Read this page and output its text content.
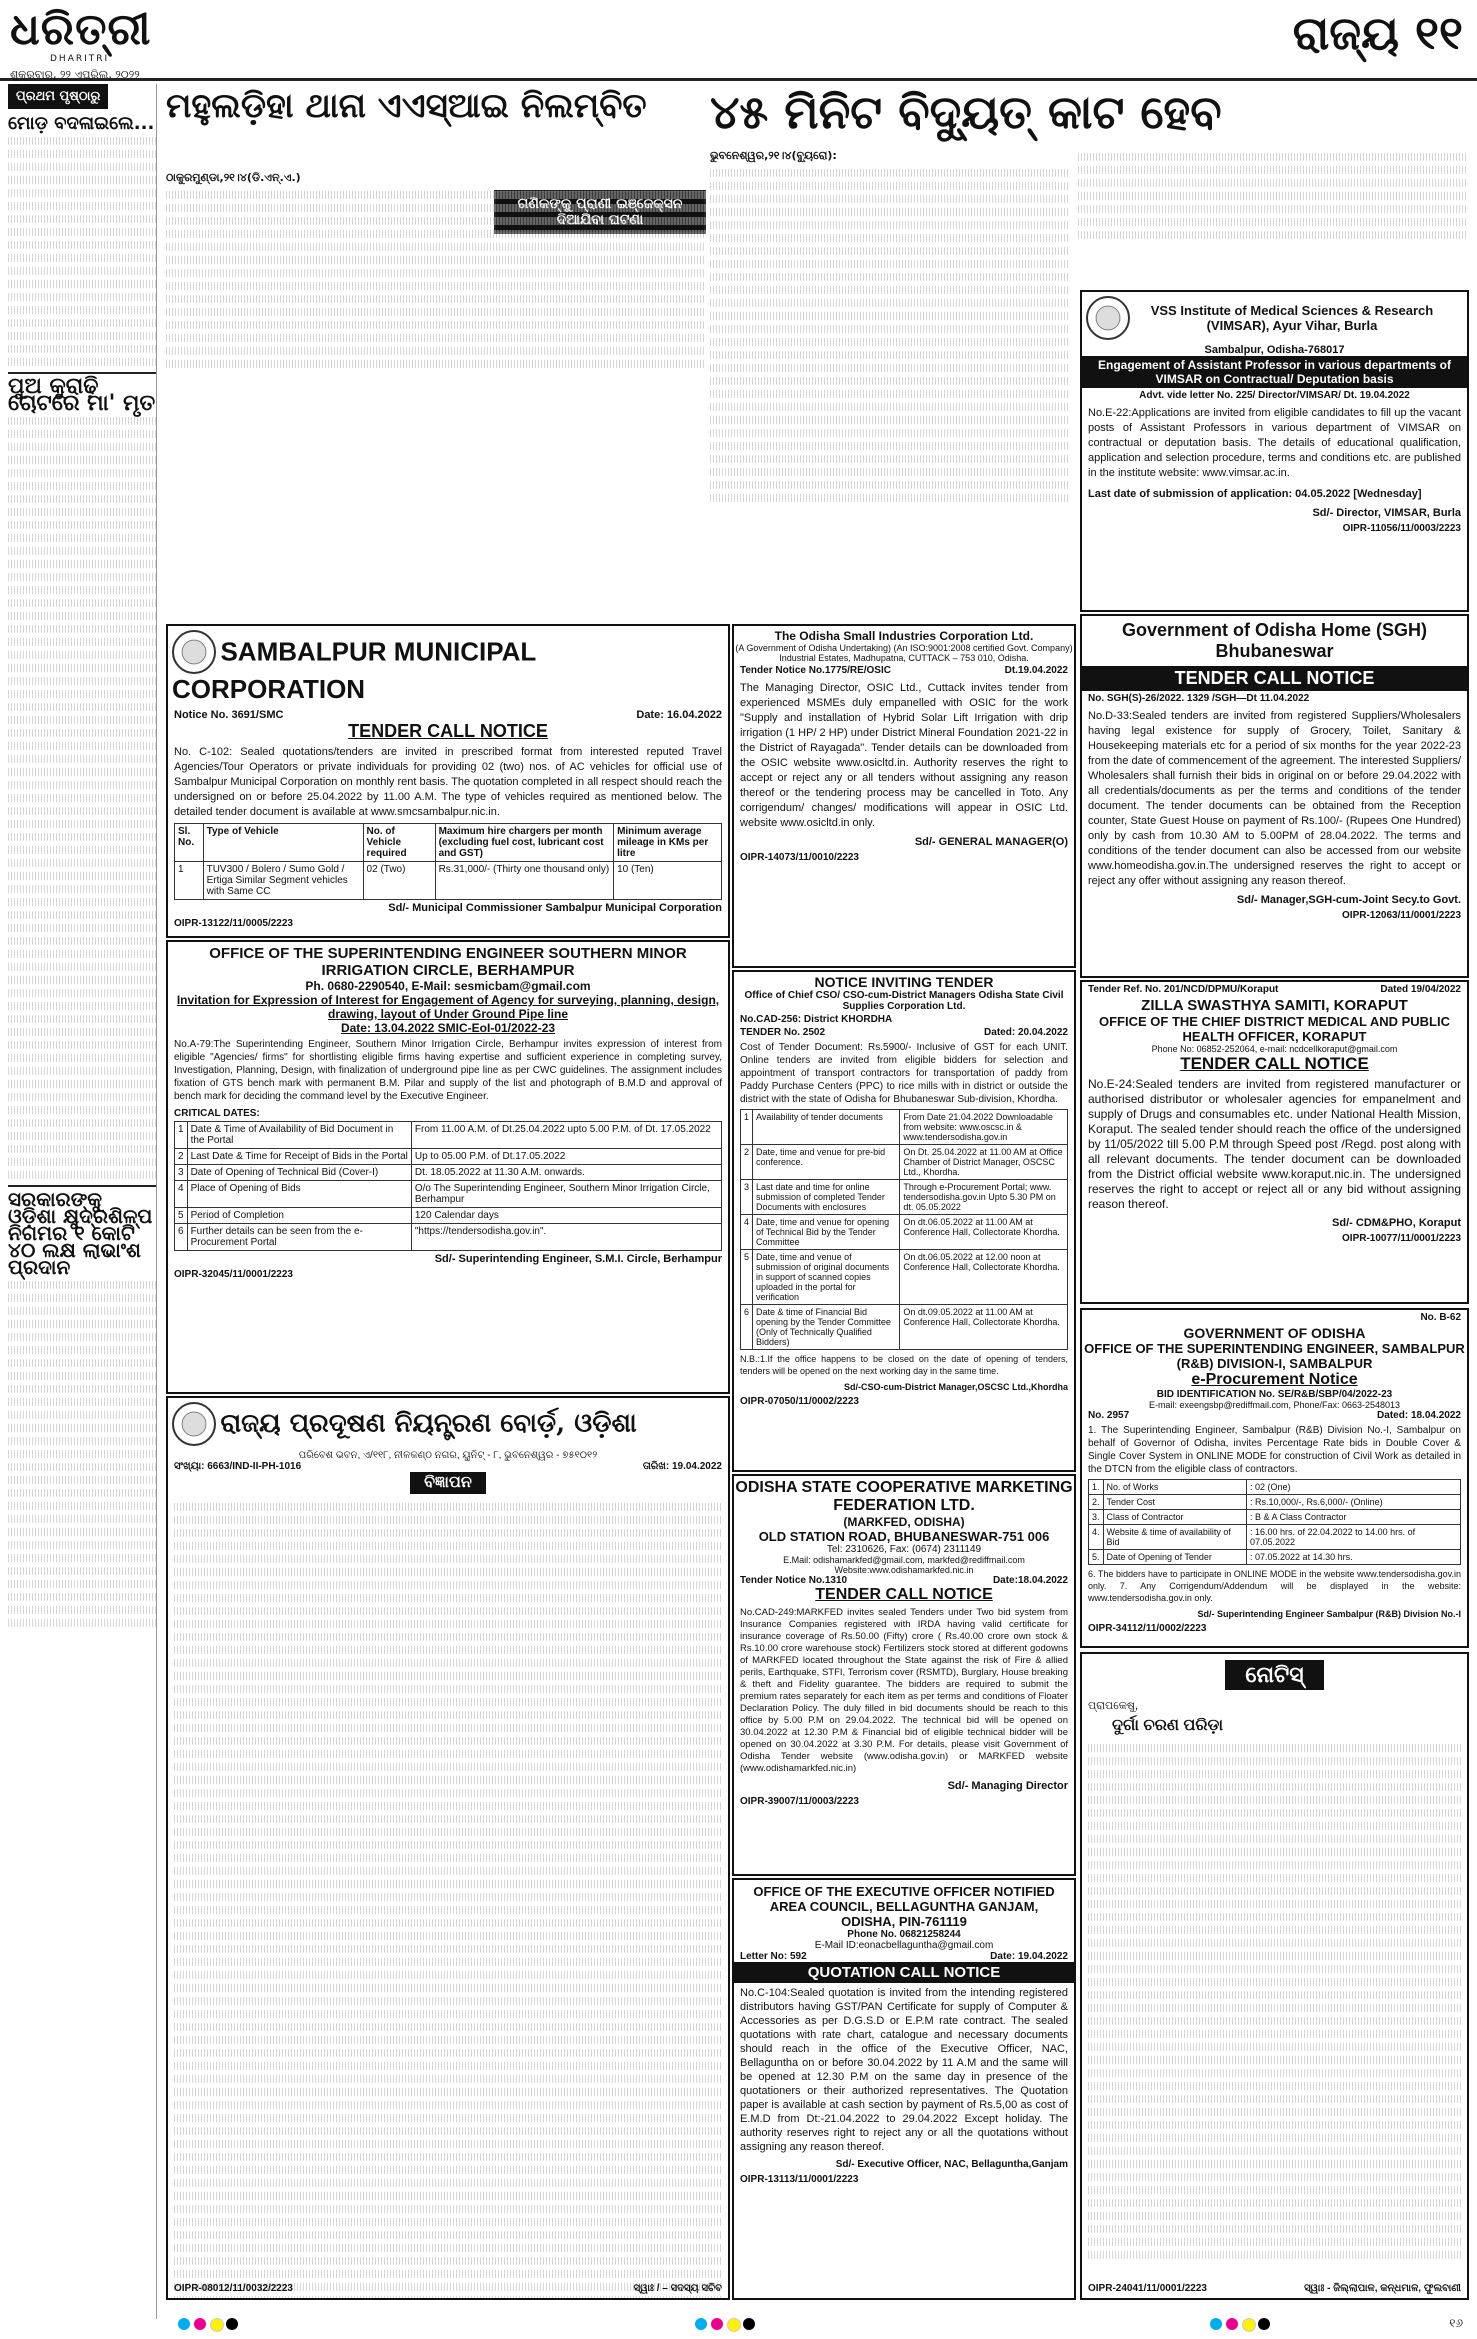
ଧରିତ୍ରୀ
DHARITRI
ଶୁକ୍ରବାର, ୨୨ ଏପ୍ରିଲ, ୨୦୨୨
ରାଜ୍ୟ ୧୧
ପ୍ରଥମ ପୃଷ୍ଠାରୁ
ମୋଡ଼ ବଦଳାଇଲେ...
ପୁଅ କୁରାଢ଼ି ଚୋଟରେ ମା' ମୃତ
ସରକାରଙ୍କୁ ଓଡ଼ିଶା କ୍ଷୁଦ୍ରଶିଳ୍ପ ନିଗମର ୧ କୋଟି ୪୦ ଲକ୍ଷ ଲାଭାଂଶ ପ୍ରଦାନ
ମହୁଲଡ଼ିହା ଥାନା ଏଏସ୍‌ଆଇ ନିଲମ୍ବିତ
ଠାକୁରମୁଣ୍ଡା,୨୧।୪(ଡି.ଏନ୍.ଏ.)
ଗଣିକଙ୍କୁ ପ୍ରାଣୀ ଇଞ୍ଜେକ୍ସନ ଦିଆଯିବା ଘଟଣା
୪୫ ମିନିଟ ବିଦ୍ୟୁତ୍ କାଟ ହେବ
ଭୁବନେଶ୍ୱର,୨୧।୪(ବ୍ୟୁରୋ):
VSS Institute of Medical Sciences & Research (VIMSAR), Ayur Vihar, Burla
Sambalpur, Odisha-768017
Engagement of Assistant Professor in various departments of VIMSAR on Contractual/ Deputation basis
Advt. vide letter No. 225/ Director/VIMSAR/ Dt. 19.04.2022
No.E-22:Applications are invited from eligible candidates to fill up the vacant posts of Assistant Professors in various department of VIMSAR on contractual or deputation basis. The details of educational qualification, application and selection procedure, terms and conditions etc. are published in the institute website: www.vimsar.ac.in.
Last date of submission of application: 04.05.2022 [Wednesday]
Sd/- Director, VIMSAR, Burla
OIPR-11056/11/0003/2223
Government of Odisha Home (SGH) Bhubaneswar
TENDER CALL NOTICE
No. SGH(S)-26/2022. 1329 /SGH—Dt 11.04.2022
No.D-33:Sealed tenders are invited from registered Suppliers/Wholesalers having legal existence for supply of Grocery, Toilet, Sanitary & Housekeeping materials etc for a period of six months for the year 2022-23 from the date of commencement of the agreement. The interested Suppliers/ Wholesalers shall furnish their bids in original on or before 29.04.2022 with all credentials/documents as per the terms and conditions of the tender document. The tender documents can be obtained from the Reception counter, State Guest House on payment of Rs.100/- (Rupees One Hundred) only by cash from 10.30 AM to 5.00PM of 28.04.2022. The terms and conditions of the tender document can also be accessed from our website www.homeodisha.gov.in.The undersigned reserves the right to accept or reject any offer without assigning any reason thereof.
Sd/- Manager,SGH-cum-Joint Secy.to Govt.
OIPR-12063/11/0001/2223
SAMBALPUR MUNICIPAL CORPORATION
Notice No. 3691/SMC	Date: 16.04.2022
TENDER CALL NOTICE
No. C-102: Sealed quotations/tenders are invited in prescribed format from interested reputed Travel Agencies/Tour Operators or private individuals for providing 02 (two) nos. of AC vehicles for official use of Sambalpur Municipal Corporation on monthly rent basis. The quotation completed in all respect should reach the undersigned on or before 25.04.2022 by 11.00 A.M. The type of vehicles required as mentioned below. The detailed tender document is available at www.smcsambalpur.nic.in.
Sl. No.	Type of Vehicle	No. of Vehicle required	Maximum hire chargers per month (excluding fuel cost, lubricant cost and GST)	Minimum average mileage in KMs per litre
1	TUV300 / Bolero / Sumo Gold / Ertiga Similar Segment vehicles with Same CC	02 (Two)	Rs.31,000/- (Thirty one thousand only)	10 (Ten)
Sd/- Municipal Commissioner Sambalpur Municipal Corporation
OIPR-13122/11/0005/2223
The Odisha Small Industries Corporation Ltd.
(A Government of Odisha Undertaking) (An ISO:9001:2008 certified Govt. Company)
Industrial Estates, Madhupatna, CUTTACK – 753 010, Odisha.
Tender Notice No.1775/RE/OSIC	Dt.19.04.2022
The Managing Director, OSIC Ltd., Cuttack invites tender from experienced MSMEs duly empanelled with OSIC for the work "Supply and installation of Hybrid Solar Lift Irrigation with drip irrigation (1 HP/ 2 HP) under District Mineral Foundation 2021-22 in the District of Rayagada". Tender details can be downloaded from the OSIC website www.osicltd.in. Authority reserves the right to accept or reject any or all tenders without assigning any reason thereof or the tendering process may be cancelled in Toto. Any corrigendum/ changes/ modifications will appear in OSIC Ltd. website www.osicltd.in only.
Sd/- GENERAL MANAGER(O)
OIPR-14073/11/0010/2223
OFFICE OF THE SUPERINTENDING ENGINEER SOUTHERN MINOR IRRIGATION CIRCLE, BERHAMPUR
Ph. 0680-2290540, E-Mail: sesmicbam@gmail.com
Invitation for Expression of Interest for Engagement of Agency for surveying, planning, design, drawing, layout of Under Ground Pipe line
Date: 13.04.2022 SMIC-EoI-01/2022-23
No.A-79:The Superintending Engineer, Southern Minor Irrigation Circle, Berhampur invites expression of interest from eligible "Agencies/ firms" for shortlisting eligible firms having expertise and sufficient experience in completing survey, Investigation, Planning, Design, with finalization of underground pipe line as per CWC guidelines. The assignment includes fixation of GTS bench mark with permanent B.M. Pilar and supply of the list and photograph of B.M.D and approval of bench mark for deciding the command level by the Executive Engineer.
CRITICAL DATES:
1	Date & Time of Availability of Bid Document in the Portal	From 11.00 A.M. of Dt.25.04.2022 upto 5.00 P.M. of Dt. 17.05.2022
2	Last Date & Time for Receipt of Bids in the Portal	Up to 05.00 P.M. of Dt.17.05.2022
3	Date of Opening of Technical Bid (Cover-I)	Dt. 18.05.2022 at 11.30 A.M. onwards.
4	Place of Opening of Bids	O/o The Superintending Engineer, Southern Minor Irrigation Circle, Berhampur
5	Period of Completion	120 Calendar days
6	Further details can be seen from the e-Procurement Portal	"https://tendersodisha.gov.in".
Sd/- Superintending Engineer, S.M.I. Circle, Berhampur
OIPR-32045/11/0001/2223
NOTICE INVITING TENDER
Office of Chief CSO/ CSO-cum-District Managers Odisha State Civil Supplies Corporation Ltd.
No.CAD-256: District KHORDHA
TENDER No. 2502	Dated: 20.04.2022
Cost of Tender Document: Rs.5900/- Inclusive of GST for each UNIT. Online tenders are invited from eligible bidders for selection and appointment of transport contractors for transportation of paddy from Paddy Purchase Centers (PPC) to rice mills with in district or outside the district with the state of Odisha for Bhubaneswar Sub-division, Khordha.
1	Availability of tender documents	From Date 21.04.2022 Downloadable from website: www.oscsc.in & www.tendersodisha.gov.in
2	Date, time and venue for pre-bid conference.	On Dt. 25.04.2022 at 11.00 AM at Office Chamber of District Manager, OSCSC Ltd., Khordha.
3	Last date and time for online submission of completed Tender Documents with enclosures	Through e-Procurement Portal; www. tendersodisha.gov.in Upto 5.30 PM on dt. 05.05.2022
4	Date, time and venue for opening of Technical Bid by the Tender Committee	On dt.06.05.2022 at 11.00 AM at Conference Hall, Collectorate Khordha.
5	Date, time and venue of submission of original documents in support of scanned copies uploaded in the portal for verification	On dt.06.05.2022 at 12.00 noon at Conference Hall, Collectorate Khordha.
6	Date & time of Financial Bid opening by the Tender Committee (Only of Technically Qualified Bidders)	On dt.09.05.2022 at 11.00 AM at Conference Hall, Collectorate Khordha.
N.B.:1.If the office happens to be closed on the date of opening of tenders, tenders will be opened on the next working day in the same time.
Sd/-CSO-cum-District Manager,OSCSC Ltd.,Khordha
OIPR-07050/11/0002/2223
Tender Ref. No. 201/NCD/DPMU/Koraput	Dated 19/04/2022
ZILLA SWASTHYA SAMITI, KORAPUT
OFFICE OF THE CHIEF DISTRICT MEDICAL AND PUBLIC HEALTH OFFICER, KORAPUT
Phone No: 06852-252064, e-mail: ncdcellkoraput@gmail.com
TENDER CALL NOTICE
No.E-24:Sealed tenders are invited from registered manufacturer or authorised distributor or wholesaler agencies for empanelment and supply of Drugs and consumables etc. under National Health Mission, Koraput. The sealed tender should reach the office of the undersigned by 11/05/2022 till 5.00 P.M through Speed post /Regd. post along with all relevant documents. The tender document can be downloaded from the District official website www.koraput.nic.in. The undersigned reserves the right to accept or reject all or any bid without assigning reason thereof.
Sd/- CDM&PHO, Koraput
OIPR-10077/11/0001/2223
No. B-62
GOVERNMENT OF ODISHA
OFFICE OF THE SUPERINTENDING ENGINEER, SAMBALPUR (R&B) DIVISION-I, SAMBALPUR
e-Procurement Notice
BID IDENTIFICATION No. SE/R&B/SBP/04/2022-23
E-mail: exeengsbp@rediffmail.com, Phone/Fax: 0663-2548013
No. 2957	Dated: 18.04.2022
1. The Superintending Engineer, Sambalpur (R&B) Division No.-I, Sambalpur on behalf of Governor of Odisha, invites Percentage Rate bids in Double Cover & Single Cover System in ONLINE MODE for construction of Civil Work as detailed in the DTCN from the eligible class of contractors.
1.	No. of Works	: 02 (One)
2.	Tender Cost	: Rs.10,000/-, Rs.6,000/- (Online)
3.	Class of Contractor	: B & A Class Contractor
4.	Website & time of availability of Bid	: 16.00 hrs. of 22.04.2022 to 14.00 hrs. of 07.05.2022
5.	Date of Opening of Tender	: 07.05.2022 at 14.30 hrs.
6. The bidders have to participate in ONLINE MODE in the website www.tendersodisha.gov.in only. 7. Any Corrigendum/Addendum will be displayed in the website: www.tendersodisha.gov.in only.
Sd/- Superintending Engineer Sambalpur (R&B) Division No.-I
OIPR-34112/11/0002/2223
ରାଜ୍ୟ ପ୍ରଦୂଷଣ ନିୟନ୍ତ୍ରଣ ବୋର୍ଡ଼, ଓଡ଼ିଶା
ପରିବେଶ ଭବନ, ଏ/୧୧୮, ନୀଳକଣ୍ଠ ନଗର, ୟୁନିଟ୍ - ୮, ଭୁବନେଶ୍ୱର - ୭୫୧୦୧୨
ସଂଖ୍ୟା: 6663/IND-II-PH-1016	ତାରିଖ: 19.04.2022
ବିଜ୍ଞାପନ
OIPR-08012/11/0032/2223	ସ୍ୱାଃ / – ସଦସ୍ୟ ସଚିବ
ODISHA STATE COOPERATIVE MARKETING FEDERATION LTD.
(MARKFED, ODISHA)
OLD STATION ROAD, BHUBANESWAR-751 006
Tel: 2310626, Fax: (0674) 2311149
E.Mail: odishamarkfed@gmail.com, markfed@rediffmail.com Website:www.odishamarkfed.nic.in
Tender Notice No.1310	Date:18.04.2022
TENDER CALL NOTICE
No.CAD-249:MARKFED invites sealed Tenders under Two bid system from Insurance Companies registered with IRDA having valid certificate for insurance coverage of Rs.50.00 (Fifty) crore ( Rs.40.00 crore own stock & Rs.10.00 crore warehouse stock) Fertilizers stock stored at different godowns of MARKFED located throughout the State against the risk of Fire & allied perils, Earthquake, STFI, Terrorism cover (RSMTD), Burglary, House breaking & theft and Fidelity guarantee. The bidders are required to submit the premium rates separately for each item as per terms and conditions of Floater Declaration Policy. The duly filled in bid documents should be reach to this office by 5.00 P.M on 29.04.2022. The technical bid will be opened on 30.04.2022 at 12.30 P.M & Financial bid of eligible technical bidder will be opened on 30.04.2022 at 3.30 P.M. For details, please visit Government of Odisha Tender website (www.odisha.gov.in) or MARKFED website (www.odishamarkfed.nic.in)
Sd/- Managing Director
OIPR-39007/11/0003/2223
OFFICE OF THE EXECUTIVE OFFICER NOTIFIED AREA COUNCIL, BELLAGUNTHA GANJAM, ODISHA, PIN-761119
Phone No. 06821258244
E-Mail ID:eonacbellaguntha@gmail.com
Letter No: 592	Date: 19.04.2022
QUOTATION CALL NOTICE
No.C-104:Sealed quotation is invited from the intending registered distributors having GST/PAN Certificate for supply of Computer & Accessories as per D.G.S.D or E.P.M rate contract. The sealed quotations with rate chart, catalogue and necessary documents should reach in the office of the Executive Officer, NAC, Bellaguntha on or before 30.04.2022 by 11 A.M and the same will be opened at 12.30 P.M on the same day in presence of the quotationers or their authorized representatives. The Quotation paper is available at cash section by payment of Rs.5,00 as cost of E.M.D from Dt:-21.04.2022 to 29.04.2022 Except holiday. The authority reserves right to reject any or all the quotations without assigning any reason thereof.
Sd/- Executive Officer, NAC, Bellaguntha,Ganjam
OIPR-13113/11/0001/2223
ନୋଟିସ୍
ପ୍ରାପକେଷୁ,
ଦୁର୍ଗା ଚରଣ ପରିଡ଼ା
OIPR-24041/11/0001/2223	ସ୍ୱାଃ - ଜିଲ୍ଲାପାଳ, କନ୍ଧମାଳ, ଫୁଲବାଣୀ
୧୬
